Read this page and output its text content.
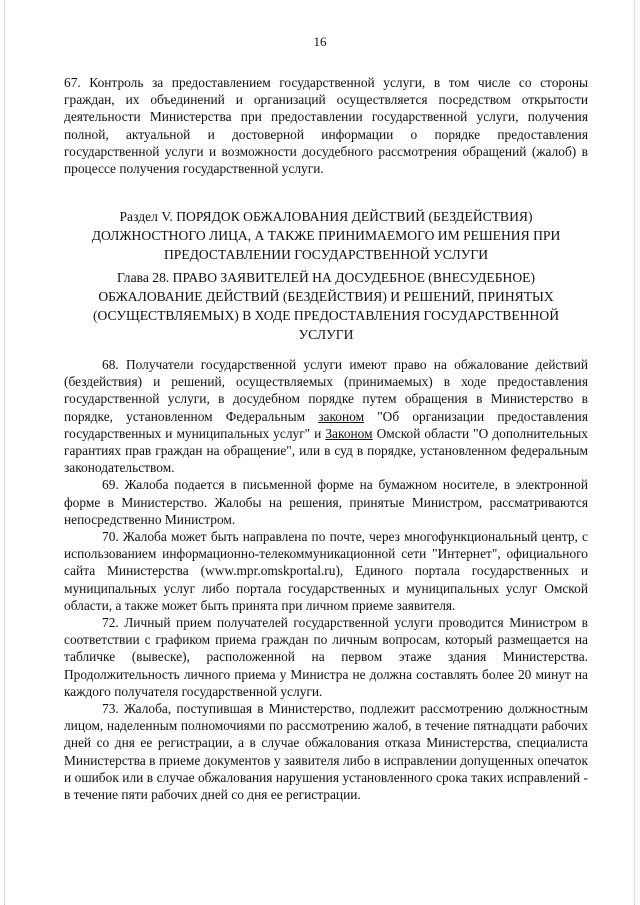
16

67. Контроль за предоставлением государственной услуги, в том числе со стороны граждан, их объединений и организаций осуществляется посредством открытости деятельности Министерства при предоставлении государственной услуги, получения полной, актуальной и достоверной информации о порядке предоставления государственной услуги и возможности досудебного рассмотрения обращений (жалоб) в процессе получения государственной услуги.

Раздел V. ПОРЯДОК ОБЖАЛОВАНИЯ ДЕЙСТВИЙ (БЕЗДЕЙСТВИЯ) ДОЛЖНОСТНОГО ЛИЦА, А ТАКЖЕ ПРИНИМАЕМОГО ИМ РЕШЕНИЯ ПРИ ПРЕДОСТАВЛЕНИИ ГОСУДАРСТВЕННОЙ УСЛУГИ

Глава 28. ПРАВО ЗАЯВИТЕЛЕЙ НА ДОСУДЕБНОЕ (ВНЕСУДЕБНОЕ) ОБЖАЛОВАНИЕ ДЕЙСТВИЙ (БЕЗДЕЙСТВИЯ) И РЕШЕНИЙ, ПРИНЯТЫХ (ОСУЩЕСТВЛЯЕМЫХ) В ХОДЕ ПРЕДОСТАВЛЕНИЯ ГОСУДАРСТВЕННОЙ УСЛУГИ

68. Получатели государственной услуги имеют право на обжалование действий (бездействия) и решений, осуществляемых (принимаемых) в ходе предоставления государственной услуги, в досудебном порядке путем обращения в Министерство в порядке, установленном Федеральным законом "Об организации предоставления государственных и муниципальных услуг" и Законом Омской области "О дополнительных гарантиях прав граждан на обращение", или в суд в порядке, установленном федеральным законодательством.

69. Жалоба подается в письменной форме на бумажном носителе, в электронной форме в Министерство. Жалобы на решения, принятые Министром, рассматриваются непосредственно Министром.

70. Жалоба может быть направлена по почте, через многофункциональный центр, с использованием информационно-телекоммуникационной сети "Интернет", официального сайта Министерства (www.mpr.omskportal.ru), Единого портала государственных и муниципальных услуг либо портала государственных и муниципальных услуг Омской области, а также может быть принята при личном приеме заявителя.

72. Личный прием получателей государственной услуги проводится Министром в соответствии с графиком приема граждан по личным вопросам, который размещается на табличке (вывеске), расположенной на первом этаже здания Министерства. Продолжительность личного приема у Министра не должна составлять более 20 минут на каждого получателя государственной услуги.

73. Жалоба, поступившая в Министерство, подлежит рассмотрению должностным лицом, наделенным полномочиями по рассмотрению жалоб, в течение пятнадцати рабочих дней со дня ее регистрации, а в случае обжалования отказа Министерства, специалиста Министерства в приеме документов у заявителя либо в исправлении допущенных опечаток и ошибок или в случае обжалования нарушения установленного срока таких исправлений - в течение пяти рабочих дней со дня ее регистрации.
